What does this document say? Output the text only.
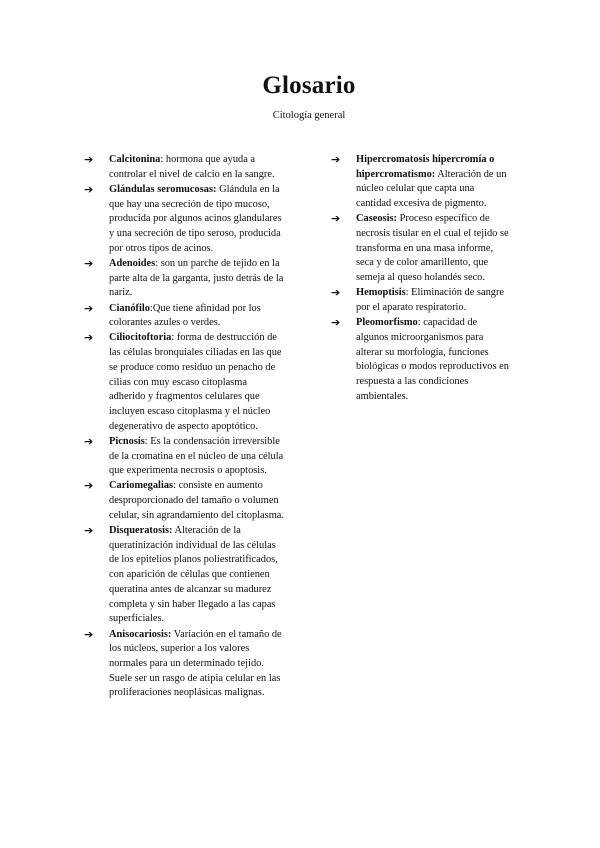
Glosario
Citología general
➔ Calcitonina: hormona que ayuda a controlar el nivel de calcio en la sangre.
➔ Glándulas seromucosas: Glándula en la que hay una secreción de tipo mucoso, producida por algunos acinos glandulares y una secreción de tipo seroso, producida por otros tipos de acinos.
➔ Adenoides: son un parche de tejido en la parte alta de la garganta, justo detrás de la nariz.
➔ Cianófilo:Que tiene afinidad por los colorantes azules o verdes.
➔ Ciliocitoftoria: forma de destrucción de las células bronquiales ciliadas en las que se produce como residuo un penacho de cilias con muy escaso citoplasma adherido y fragmentos celulares que incluyen escaso citoplasma y el núcleo degenerativo de aspecto apoptótico.
➔ Picnosis: Es la condensación irreversible de la cromatina en el núcleo de una célula que experimenta necrosis o apoptosis.
➔ Cariomegalias: consiste en aumento desproporcionado del tamaño o volumen celular, sin agrandamiento del citoplasma.
➔ Disqueratosis: Alteración de la queratinización individual de las células de los epitelios planos poliestratificados, con aparición de células que contienen queratina antes de alcanzar su madurez completa y sin haber llegado a las capas superficiales.
➔ Anisocariosis: Variación en el tamaño de los núcleos, superior a los valores normales para un determinado tejido. Suele ser un rasgo de atipia celular en las proliferaciones neoplásicas malignas.
➔ Hipercromatosis hipercromía o hipercromatismo: Alteración de un núcleo celular que capta una cantidad excesiva de pigmento.
➔ Caseosis: Proceso específico de necrosis tisular en el cual el tejido se transforma en una masa informe, seca y de color amarillento, que semeja al queso holandés seco.
➔ Hemoptisis: Eliminación de sangre por el aparato respiratorio.
➔ Pleomorfismo: capacidad de algunos microorganismos para alterar su morfología, funciones biológicas o modos reproductivos en respuesta a las condiciones ambientales.
